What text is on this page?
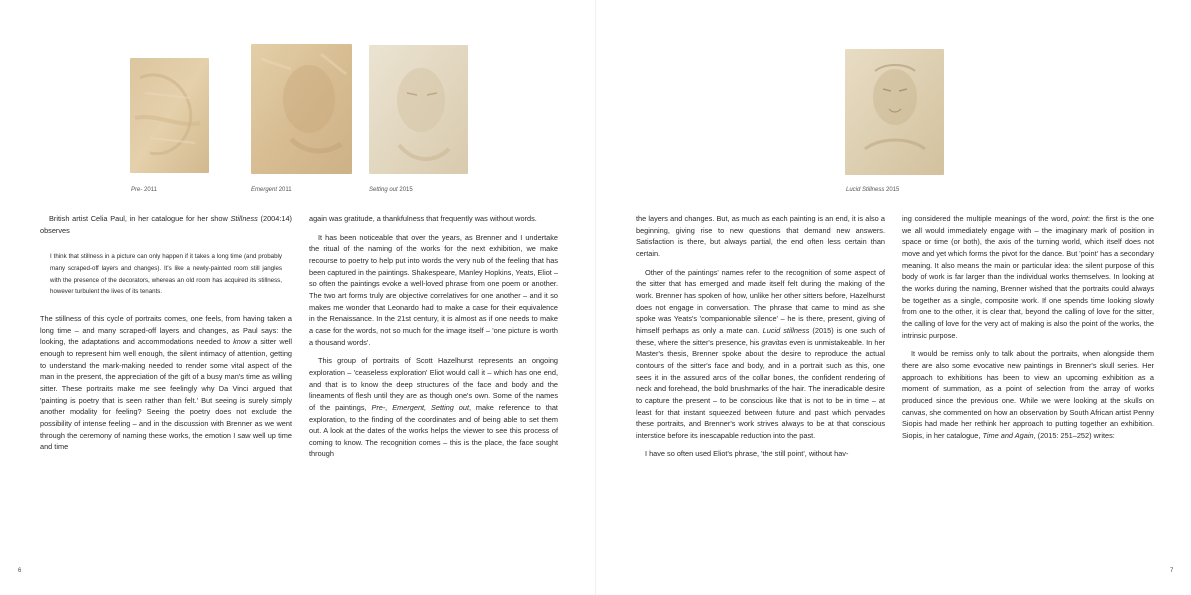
Pre- 2011	Emergent 2011	Setting out 2015

British artist Celia Paul, in her catalogue for her show Stillness (2004:14) observes

I think that stillness in a picture can only happen if it takes a long time (and probably many scraped-off layers and changes). It's like a newly-painted room still jangles with the presence of the decorators, whereas an old room has acquired its stillness, however turbulent the lives of its tenants.

The stillness of this cycle of portraits comes, one feels, from having taken a long time – and many scraped-off layers and changes, as Paul says: the looking, the adaptations and accommodations needed to know a sitter well enough to represent him well enough, the silent intimacy of attention, getting to understand the mark-making needed to render some vital aspect of the man in the present, the appreciation of the gift of a busy man's time as willing sitter. These portraits make me see feelingly why Da Vinci argued that 'painting is poetry that is seen rather than felt.' But seeing is surely simply another modality for feeling? Seeing the poetry does not exclude the possibility of intense feeling – and in the discussion with Brenner as we went through the ceremony of naming these works, the emotion I saw well up time and time

again was gratitude, a thankfulness that frequently was without words.

It has been noticeable that over the years, as Brenner and I undertake the ritual of the naming of the works for the next exhibition, we make recourse to poetry to help put into words the very nub of the feeling that has been captured in the paintings. Shakespeare, Manley Hopkins, Yeats, Eliot – so often the paintings evoke a well-loved phrase from one poem or another. The two art forms truly are objective correlatives for one another – and it so makes me wonder that Leonardo had to make a case for their equivalence in the Renaissance. In the 21st century, it is almost as if one needs to make a case for the words, not so much for the image itself – 'one picture is worth a thousand words'.

This group of portraits of Scott Hazelhurst represents an ongoing exploration – 'ceaseless exploration' Eliot would call it – which has one end, and that is to know the deep structures of the face and body and the lineaments of flesh until they are as though one's own. Some of the names of the paintings, Pre-, Emergent, Setting out, make reference to that exploration, to the finding of the coordinates and of being able to set them out. A look at the dates of the works helps the viewer to see this process of coming to know. The recognition comes – this is the place, the face sought through

6
Lucid Stillness 2015

the layers and changes. But, as much as each painting is an end, it is also a beginning, giving rise to new questions that demand new answers. Satisfaction is there, but always partial, the end often less certain than certain.

Other of the paintings' names refer to the recognition of some aspect of the sitter that has emerged and made itself felt during the making of the work. Brenner has spoken of how, unlike her other sitters before, Hazelhurst does not engage in conversation. The phrase that came to mind as she spoke was Yeats's 'companionable silence' – he is there, present, giving of himself perhaps as only a mate can. Lucid stillness (2015) is one such of these, where the sitter's presence, his gravitas even is unmistakeable. In her Master's thesis, Brenner spoke about the desire to reproduce the actual contours of the sitter's face and body, and in a portrait such as this, one sees it in the assured arcs of the collar bones, the confident rendering of neck and forehead, the bold brushmarks of the hair. The ineradicable desire to capture the present – to be conscious like that is not to be in time – at least for that instant squeezed between future and past which pervades these portraits, and Brenner's work strives always to be at that conscious interstice before its inescapable reduction into the past.

I have so often used Eliot's phrase, 'the still point', without hav-

ing considered the multiple meanings of the word, point: the first is the one we all would immediately engage with – the imaginary mark of position in space or time (or both), the axis of the turning world, which itself does not move and yet which forms the pivot for the dance. But 'point' has a secondary meaning. It also means the main or particular idea: the silent purpose of this body of work is far larger than the individual works themselves. In looking at the works during the naming, Brenner wished that the portraits could always be together as a single, composite work. If one spends time looking slowly from one to the other, it is clear that, beyond the calling of love for the sitter, the calling of love for the very act of making is also the point of the works, the intrinsic purpose.

It would be remiss only to talk about the portraits, when alongside them there are also some evocative new paintings in Brenner's skull series. Her approach to exhibitions has been to view an upcoming exhibition as a moment of summation, as a point of selection from the array of works produced since the previous one. While we were looking at the skulls on canvas, she commented on how an observation by South African artist Penny Siopis had made her rethink her approach to putting together an exhibition. Siopis, in her catalogue, Time and Again, (2015: 251–252) writes:

7
